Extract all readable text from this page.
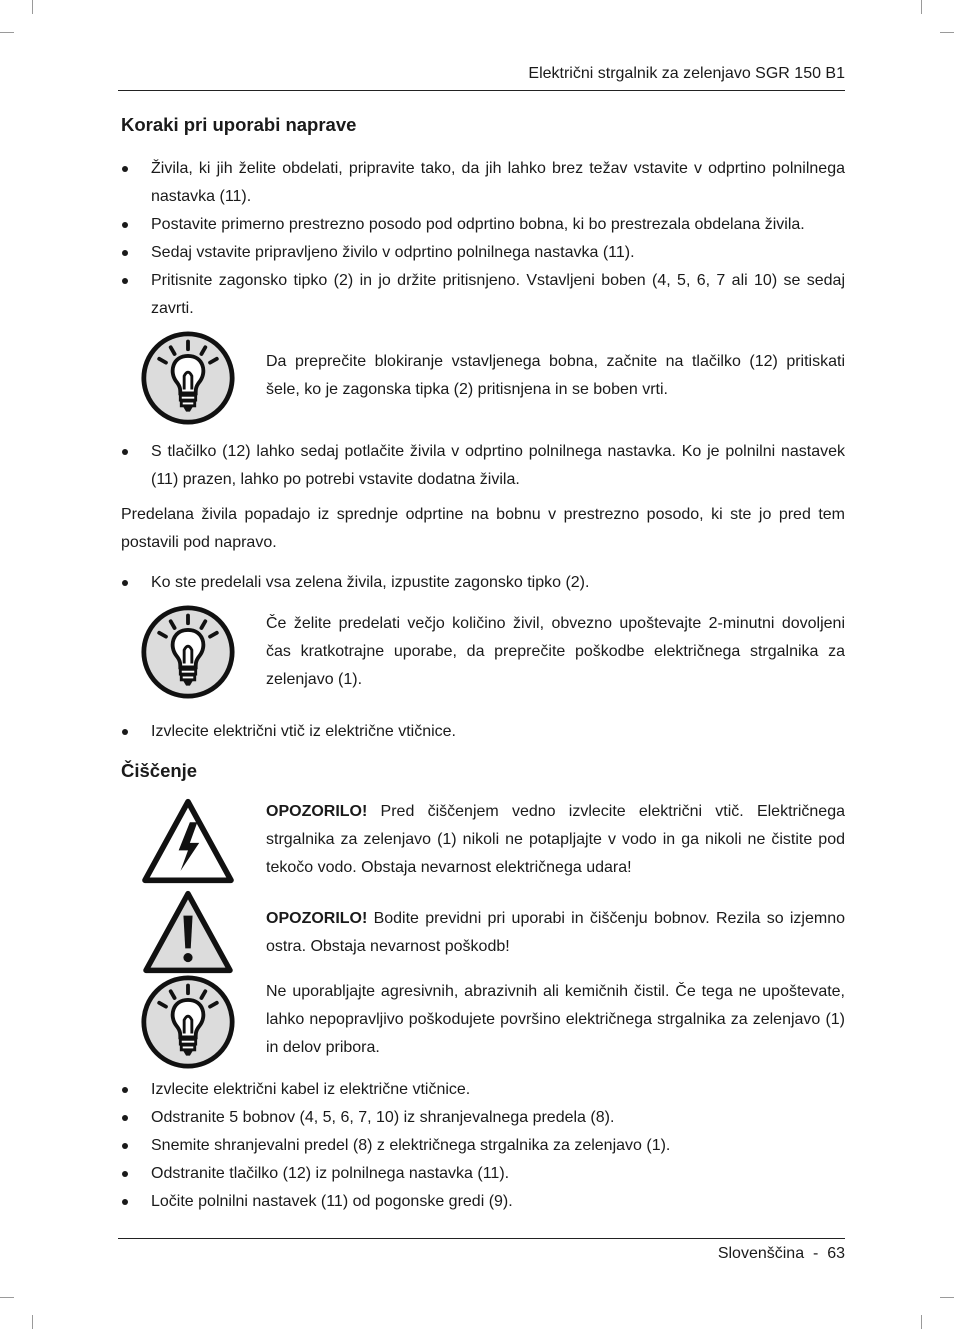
Električni strgalnik za zelenjavo SGR 150 B1
Koraki pri uporabi naprave
Živila, ki jih želite obdelati, pripravite tako, da jih lahko brez težav vstavite v odprtino polnilnega nastavka (11).
Postavite primerno prestrezno posodo pod odprtino bobna, ki bo prestrezala obdelana živila.
Sedaj vstavite pripravljeno živilo v odprtino polnilnega nastavka (11).
Pritisnite zagonsko tipko (2) in jo držite pritisnjeno. Vstavljeni boben (4, 5, 6, 7 ali 10) se sedaj zavrti.

Da preprečite blokiranje vstavljenega bobna, začnite na tlačilko (12) pritiskati šele, ko je zagonska tipka (2) pritisnjena in se boben vrti.

S tlačilko (12) lahko sedaj potlačite živila v odprtino polnilnega nastavka. Ko je polnilni nastavek (11) prazen, lahko po potrebi vstavite dodatna živila.

Predelana živila popadajo iz sprednje odprtine na bobnu v prestrezno posodo, ki ste jo pred tem postavili pod napravo.

Ko ste predelali vsa zelena živila, izpustite zagonsko tipko (2).

Če želite predelati večjo količino živil, obvezno upoštevajte 2-minutni dovoljeni čas kratkotrajne uporabe, da preprečite poškodbe električnega strgalnika za zelenjavo (1).

Izvlecite električni vtič iz električne vtičnice.
Čiščenje

OPOZORILO! Pred čiščenjem vedno izvlecite električni vtič. Električnega strgalnika za zelenjavo (1) nikoli ne potapljajte v vodo in ga nikoli ne čistite pod tekočo vodo. Obstaja nevarnost električnega udara!

OPOZORILO! Bodite previdni pri uporabi in čiščenju bobnov. Rezila so izjemno ostra. Obstaja nevarnost poškodb!

Ne uporabljajte agresivnih, abrazivnih ali kemičnih čistil. Če tega ne upoštevate, lahko nepopravljivo poškodujete površino električnega strgalnika za zelenjavo (1) in delov pribora.

Izvlecite električni kabel iz električne vtičnice.
Odstranite 5 bobnov (4, 5, 6, 7, 10) iz shranjevalnega predela (8).
Snemite shranjevalni predel (8) z električnega strgalnika za zelenjavo (1).
Odstranite tlačilko (12) iz polnilnega nastavka (11).
Ločite polnilni nastavek (11) od pogonske gredi (9).
Slovenščina  -  63
